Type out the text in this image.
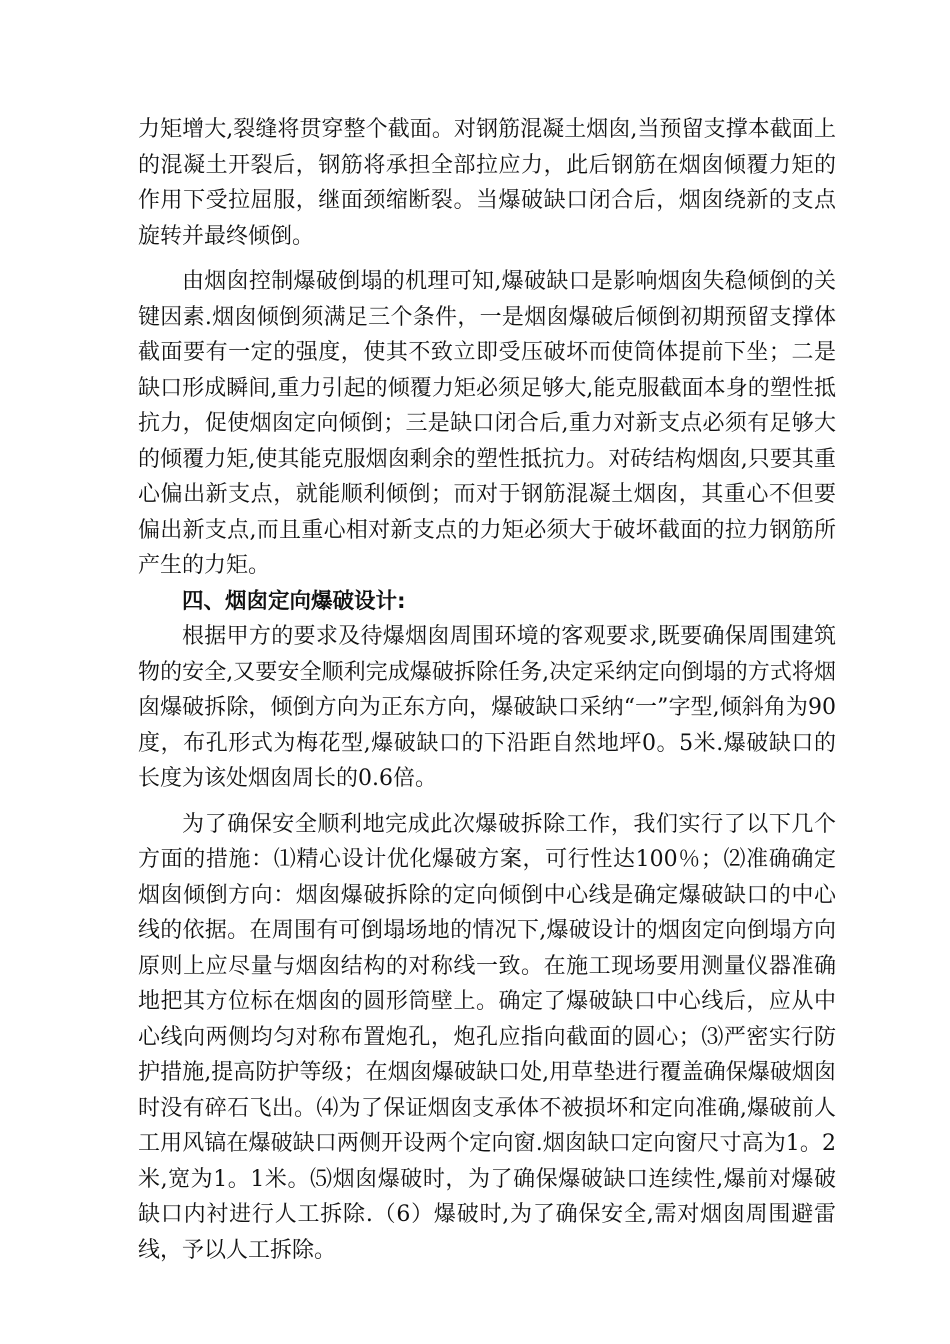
力矩增大,裂缝将贯穿整个截面。对钢筋混凝土烟囱,当预留支撑本截面上的混凝土开裂后，钢筋将承担全部拉应力，此后钢筋在烟囱倾覆力矩的作用下受拉屈服，继面颈缩断裂。当爆破缺口闭合后，烟囱绕新的支点旋转并最终倾倒。

由烟囱控制爆破倒塌的机理可知,爆破缺口是影响烟囱失稳倾倒的关键因素.烟囱倾倒须满足三个条件，一是烟囱爆破后倾倒初期预留支撑体截面要有一定的强度，使其不致立即受压破坏而使筒体提前下坐；二是缺口形成瞬间,重力引起的倾覆力矩必须足够大,能克服截面本身的塑性抵抗力，促使烟囱定向倾倒；三是缺口闭合后,重力对新支点必须有足够大的倾覆力矩,使其能克服烟囱剩余的塑性抵抗力。对砖结构烟囱,只要其重心偏出新支点，就能顺利倾倒；而对于钢筋混凝土烟囱，其重心不但要偏出新支点,而且重心相对新支点的力矩必须大于破坏截面的拉力钢筋所产生的力矩。

四、烟囱定向爆破设计:

根据甲方的要求及待爆烟囱周围环境的客观要求,既要确保周围建筑物的安全,又要安全顺利完成爆破拆除任务,决定采纳定向倒塌的方式将烟囱爆破拆除，倾倒方向为正东方向，爆破缺口采纳“一”字型,倾斜角为90度，布孔形式为梅花型,爆破缺口的下沿距自然地坪0。5米.爆破缺口的长度为该处烟囱周长的0.6倍。

为了确保安全顺利地完成此次爆破拆除工作，我们实行了以下几个方面的措施：⑴精心设计优化爆破方案，可行性达100％；⑵准确确定烟囱倾倒方向：烟囱爆破拆除的定向倾倒中心线是确定爆破缺口的中心线的依据。在周围有可倒塌场地的情况下,爆破设计的烟囱定向倒塌方向原则上应尽量与烟囱结构的对称线一致。在施工现场要用测量仪器准确地把其方位标在烟囱的圆形筒壁上。确定了爆破缺口中心线后，应从中心线向两侧均匀对称布置炮孔，炮孔应指向截面的圆心；⑶严密实行防护措施,提高防护等级；在烟囱爆破缺口处,用草垫进行覆盖确保爆破烟囱时没有碎石飞出。⑷为了保证烟囱支承体不被损坏和定向准确,爆破前人工用风镐在爆破缺口两侧开设两个定向窗.烟囱缺口定向窗尺寸高为1。2米,宽为1。1米。⑸烟囱爆破时，为了确保爆破缺口连续性,爆前对爆破缺口内衬进行人工拆除.（6）爆破时,为了确保安全,需对烟囱周围避雷线，予以人工拆除。
